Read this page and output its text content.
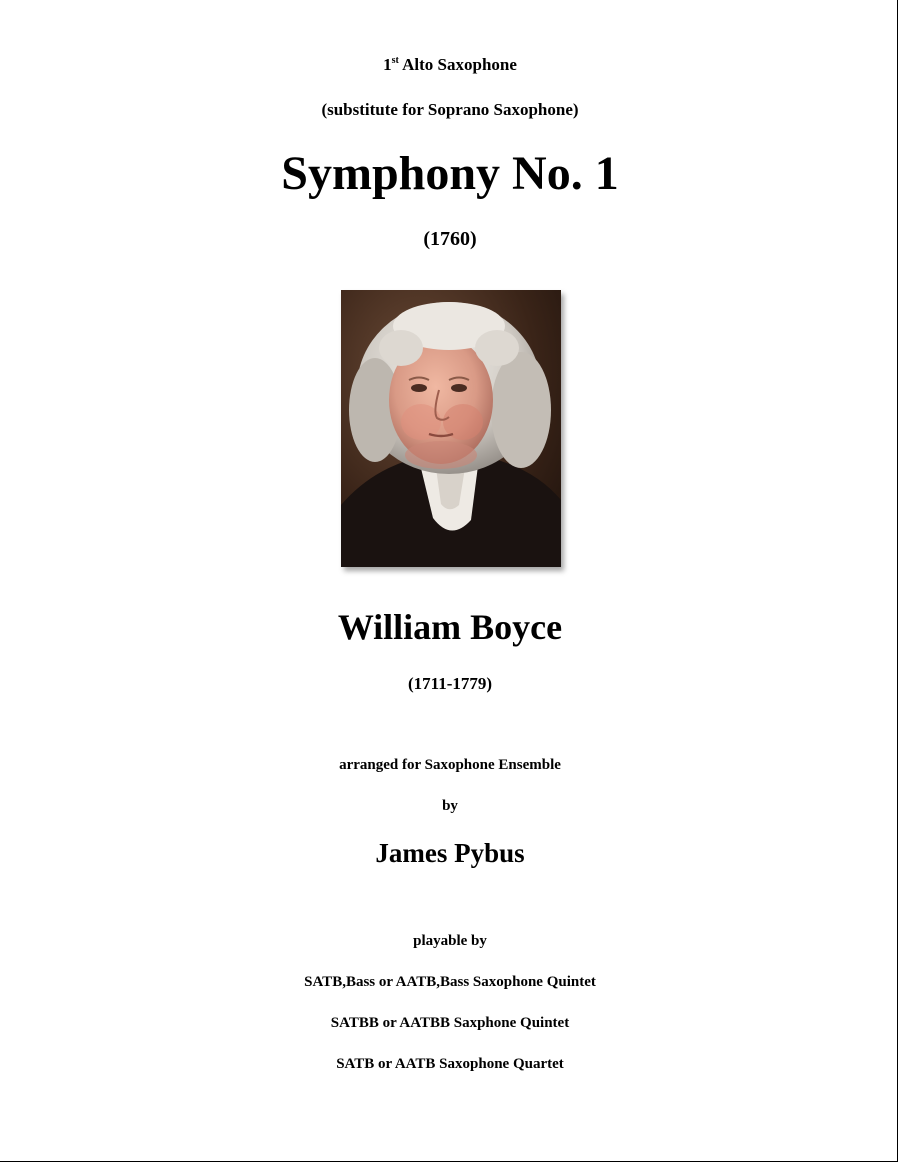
1st Alto Saxophone
(substitute for Soprano Saxophone)
Symphony No. 1
(1760)
William Boyce
(1711-1779)
arranged for Saxophone Ensemble
by
James Pybus
playable by
SATB,Bass or AATB,Bass Saxophone Quintet
SATBB or AATBB Saxphone Quintet
SATB or AATB Saxophone Quartet
